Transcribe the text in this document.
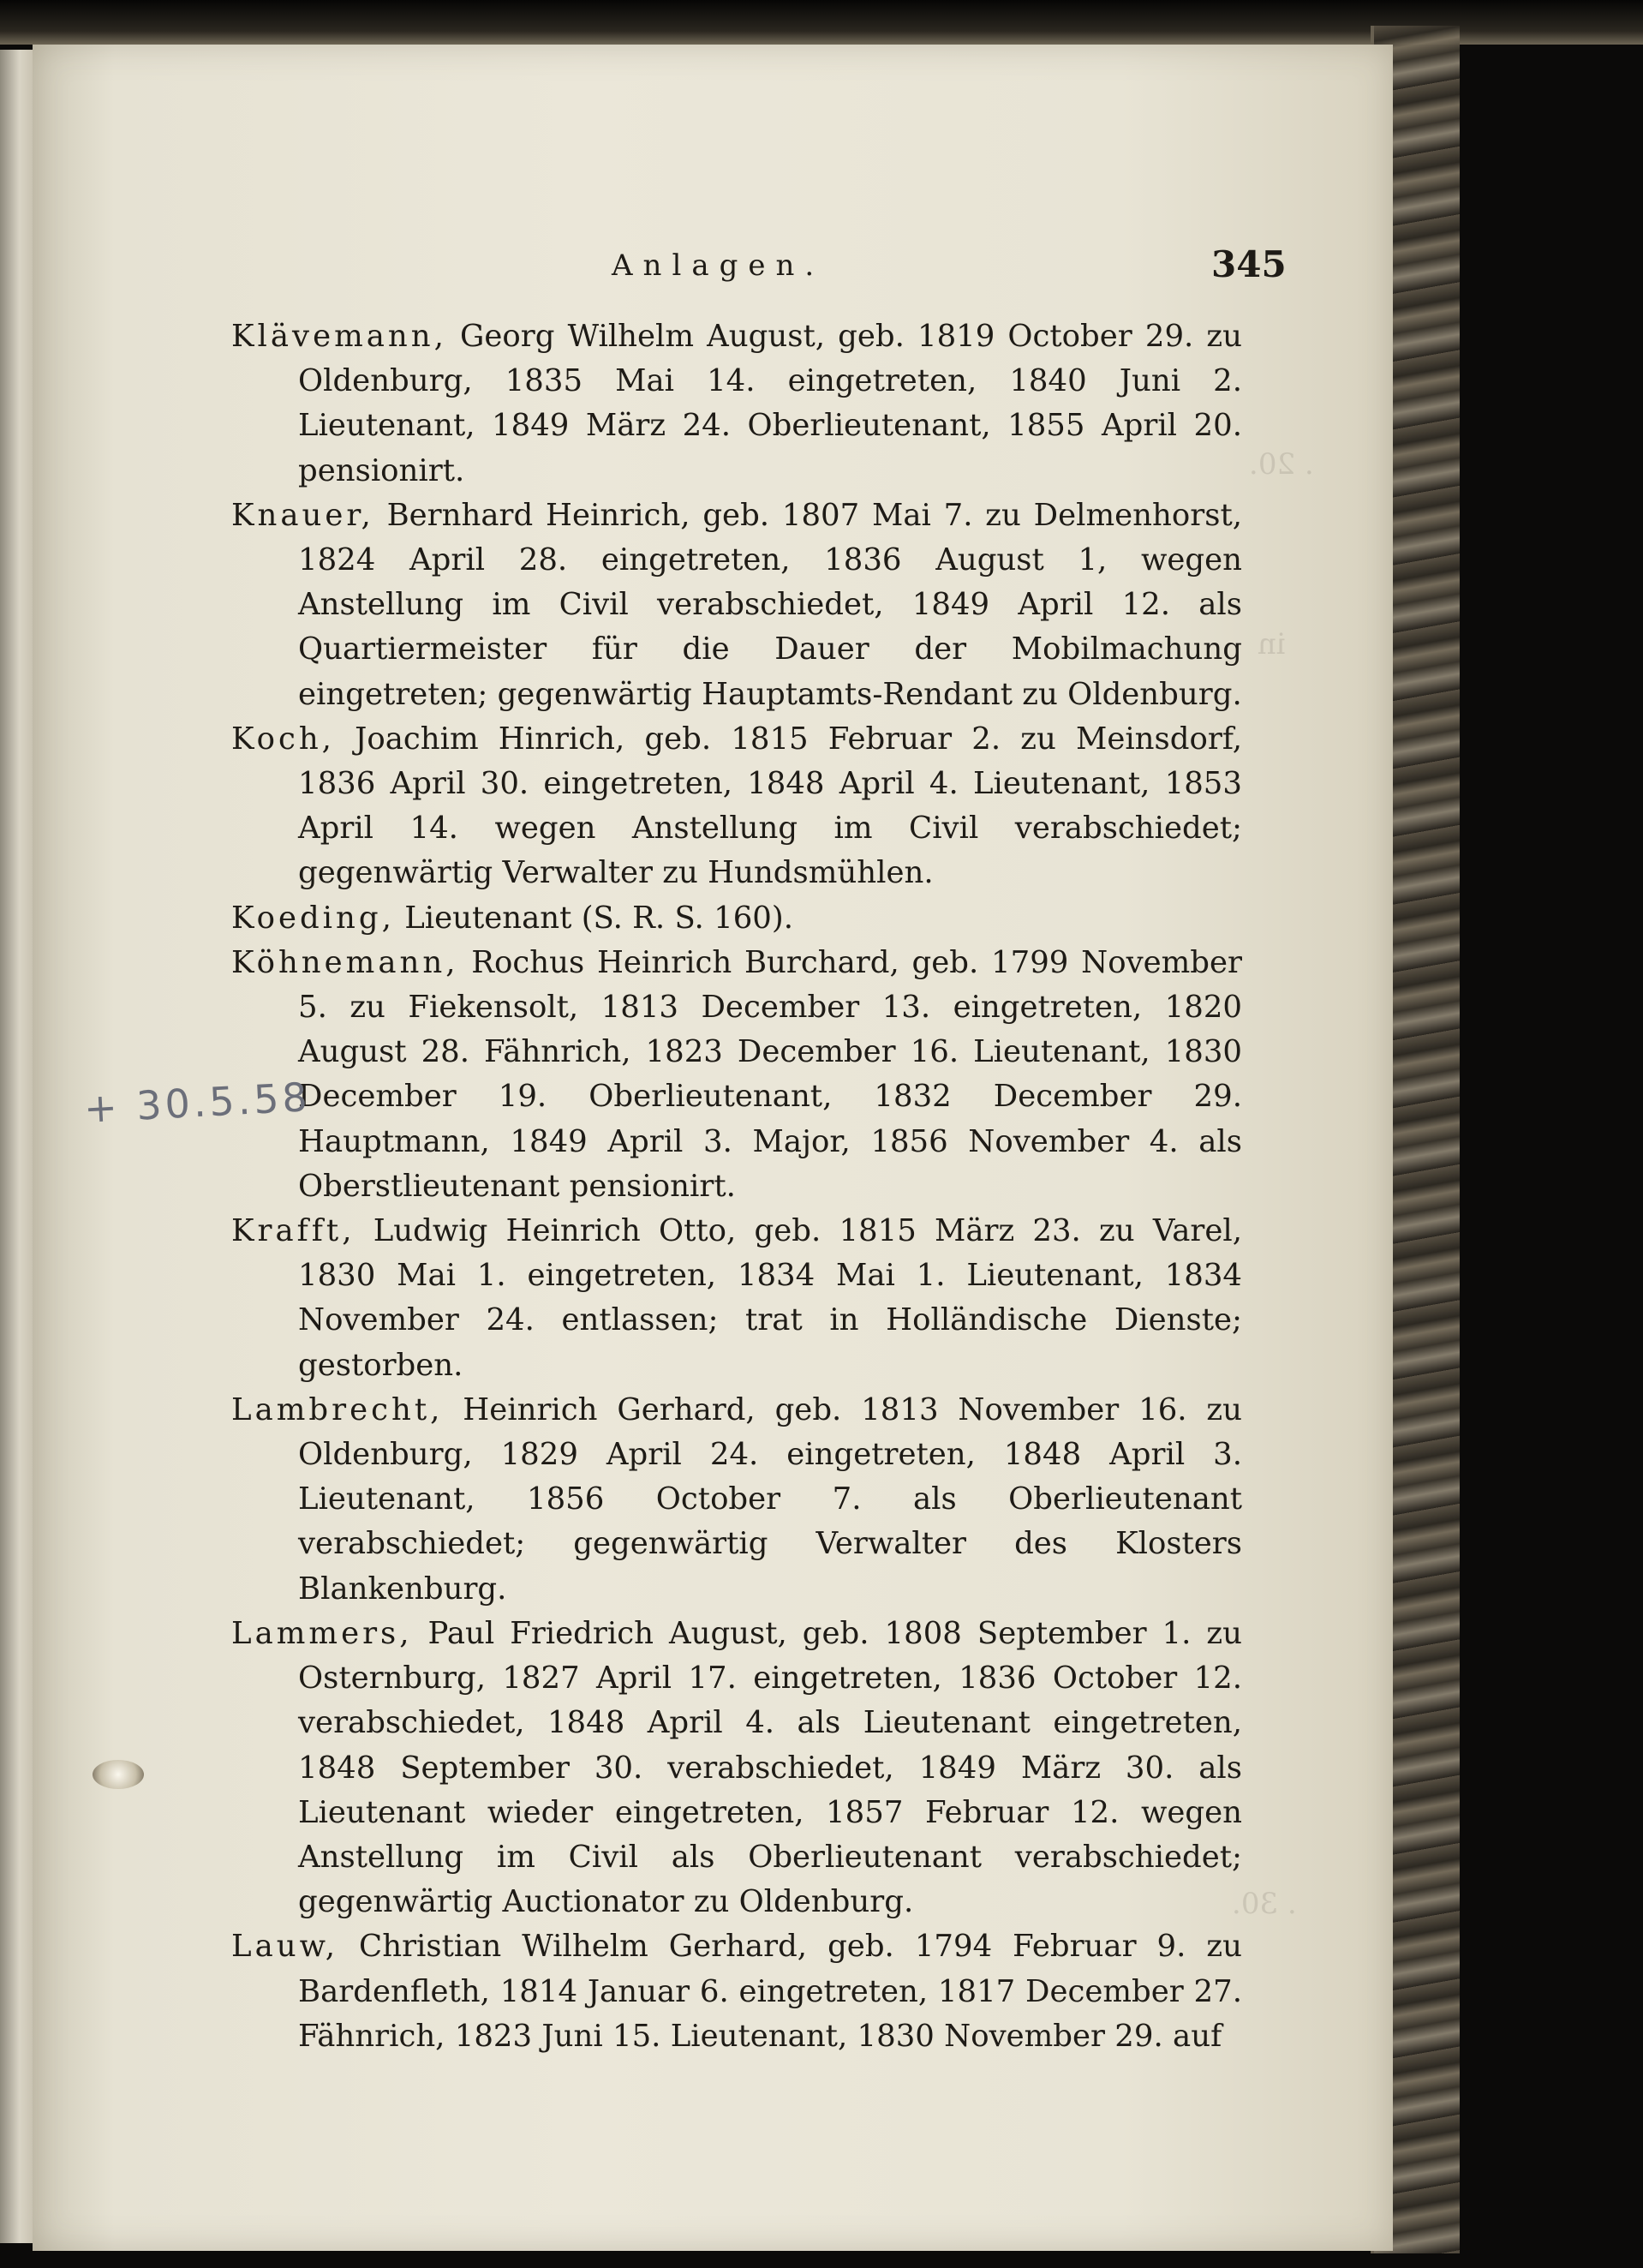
. 20.
in
. 30.
Anlagen.	345
Klävemann, Georg Wilhelm August, geb. 1819 October 29. zu Oldenburg, 1835 Mai 14. eingetreten, 1840 Juni 2. Lieutenant, 1849 März 24. Oberlieutenant, 1855 April 20. pensionirt.
Knauer, Bernhard Heinrich, geb. 1807 Mai 7. zu Delmenhorst, 1824 April 28. eingetreten, 1836 August 1, wegen Anstellung im Civil verabschiedet, 1849 April 12. als Quartiermeister für die Dauer der Mobilmachung eingetreten; gegenwärtig Hauptamts-Rendant zu Oldenburg.
Koch, Joachim Hinrich, geb. 1815 Februar 2. zu Meinsdorf, 1836 April 30. eingetreten, 1848 April 4. Lieutenant, 1853 April 14. wegen Anstellung im Civil verabschiedet; gegenwärtig Verwalter zu Hundsmühlen.
Koeding, Lieutenant (S. R. S. 160).
Köhnemann, Rochus Heinrich Burchard, geb. 1799 November 5. zu Fiekensolt, 1813 December 13. eingetreten, 1820 August 28. Fähnrich, 1823 December 16. Lieutenant, 1830 December 19. Oberlieutenant, 1832 December 29. Hauptmann, 1849 April 3. Major, 1856 November 4. als Oberstlieutenant pensionirt.
Krafft, Ludwig Heinrich Otto, geb. 1815 März 23. zu Varel, 1830 Mai 1. eingetreten, 1834 Mai 1. Lieutenant, 1834 November 24. entlassen; trat in Holländische Dienste; gestorben.
Lambrecht, Heinrich Gerhard, geb. 1813 November 16. zu Oldenburg, 1829 April 24. eingetreten, 1848 April 3. Lieutenant, 1856 October 7. als Oberlieutenant verabschiedet; gegenwärtig Verwalter des Klosters Blankenburg.
Lammers, Paul Friedrich August, geb. 1808 September 1. zu Osternburg, 1827 April 17. eingetreten, 1836 October 12. verabschiedet, 1848 April 4. als Lieutenant eingetreten, 1848 September 30. verabschiedet, 1849 März 30. als Lieutenant wieder eingetreten, 1857 Februar 12. wegen Anstellung im Civil als Oberlieutenant verabschiedet; gegenwärtig Auctionator zu Oldenburg.
Lauw, Christian Wilhelm Gerhard, geb. 1794 Februar 9. zu Bardenfleth, 1814 Januar 6. eingetreten, 1817 December 27. Fähnrich, 1823 Juni 15. Lieutenant, 1830 November 29. auf
+ 30.5.58
